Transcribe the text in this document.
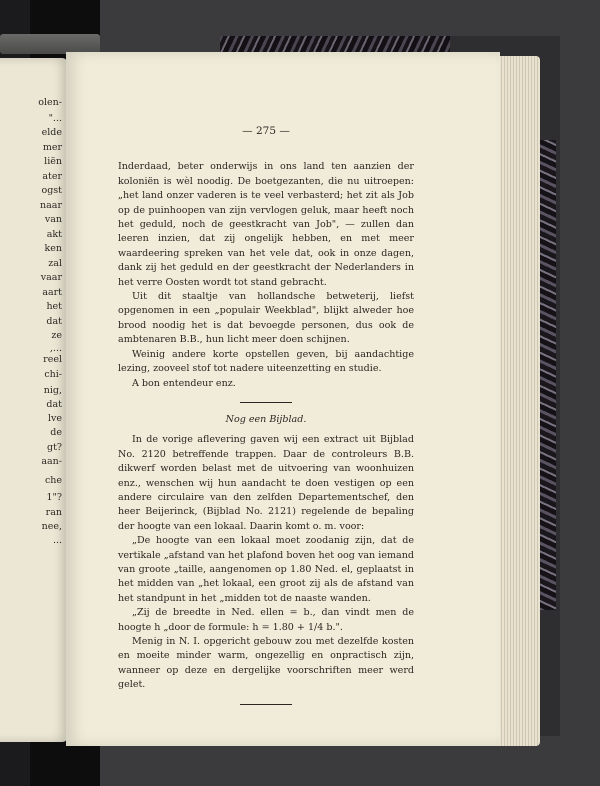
olen-
"...
elde
mer
liën
ater
ogst
naar
van
akt
ken
zal
vaar
aart
het
dat
ze
,...
reel
chi-
nig,
dat
lve
de
gt?
aan-
che
1"?
ran
nee,
...
— 275 —

Inderdaad, beter onderwijs in ons land ten aanzien der koloniën is wèl noodig. De boetgezanten, die nu uitroepen: „het land onzer vaderen is te veel verbasterd; het zit als Job op de puinhoopen van zijn vervlogen geluk, maar heeft noch het geduld, noch de geestkracht van Job", — zullen dan leeren inzien, dat zij ongelijk hebben, en met meer waardeering spreken van het vele dat, ook in onze dagen, dank zij het geduld en der geestkracht der Nederlanders in het verre Oosten wordt tot stand gebracht.

Uit dit staaltje van hollandsche betweterij, liefst opgenomen in een „populair Weekblad", blijkt alweder hoe brood noodig het is dat bevoegde personen, dus ook de ambtenaren B.B., hun licht meer doen schijnen.

Weinig andere korte opstellen geven, bij aandachtige lezing, zooveel stof tot nadere uiteenzetting en studie.

A bon entendeur enz.

Nog een Bijblad.

In de vorige aflevering gaven wij een extract uit Bijblad No. 2120 betreffende trappen. Daar de controleurs B.B. dikwerf worden belast met de uitvoering van woonhuizen enz., wenschen wij hun aandacht te doen vestigen op een andere circulaire van den zelfden Departementschef, den heer Beijerinck, (Bijblad No. 2121) regelende de bepaling der hoogte van een lokaal. Daarin komt o. m. voor:

„De hoogte van een lokaal moet zoodanig zijn, dat de vertikale „afstand van het plafond boven het oog van iemand van groote „taille, aangenomen op 1.80 Ned. el, geplaatst in het midden van „het lokaal, een groot zij als de afstand van het standpunt in het „midden tot de naaste wanden.

„Zij de breedte in Ned. ellen = b., dan vindt men de hoogte h „door de formule: h = 1.80 + 1/4 b.".

Menig in N. I. opgericht gebouw zou met dezelfde kosten en moeite minder warm, ongezellig en onpractisch zijn, wanneer op deze en dergelijke voorschriften meer werd gelet.
